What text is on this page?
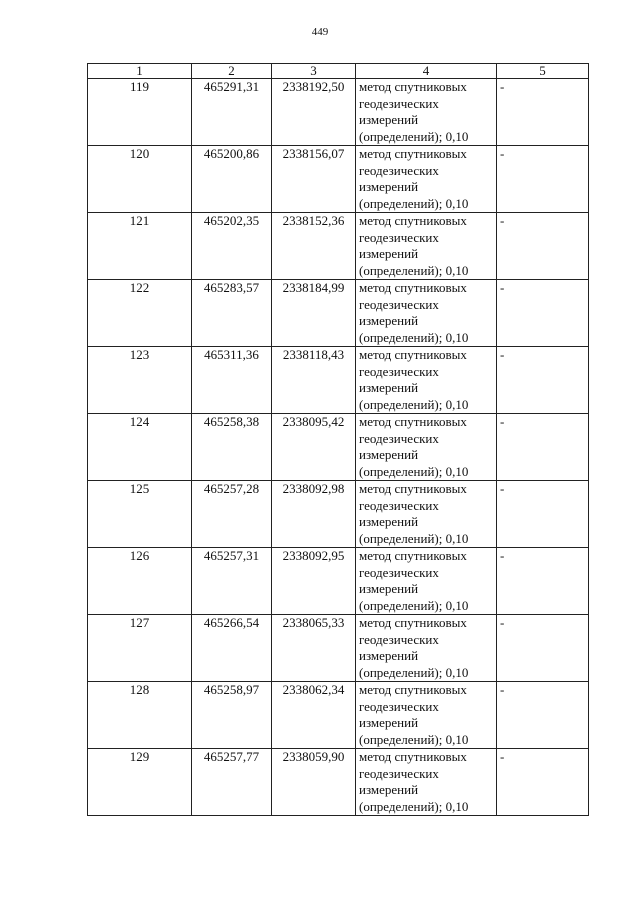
449
1	2	3	4	5
119	465291,31	2338192,50	метод спутниковых
геодезических
измерений
(определений); 0,10	-
120	465200,86	2338156,07	метод спутниковых
геодезических
измерений
(определений); 0,10	-
121	465202,35	2338152,36	метод спутниковых
геодезических
измерений
(определений); 0,10	-
122	465283,57	2338184,99	метод спутниковых
геодезических
измерений
(определений); 0,10	-
123	465311,36	2338118,43	метод спутниковых
геодезических
измерений
(определений); 0,10	-
124	465258,38	2338095,42	метод спутниковых
геодезических
измерений
(определений); 0,10	-
125	465257,28	2338092,98	метод спутниковых
геодезических
измерений
(определений); 0,10	-
126	465257,31	2338092,95	метод спутниковых
геодезических
измерений
(определений); 0,10	-
127	465266,54	2338065,33	метод спутниковых
геодезических
измерений
(определений); 0,10	-
128	465258,97	2338062,34	метод спутниковых
геодезических
измерений
(определений); 0,10	-
129	465257,77	2338059,90	метод спутниковых
геодезических
измерений
(определений); 0,10	-
